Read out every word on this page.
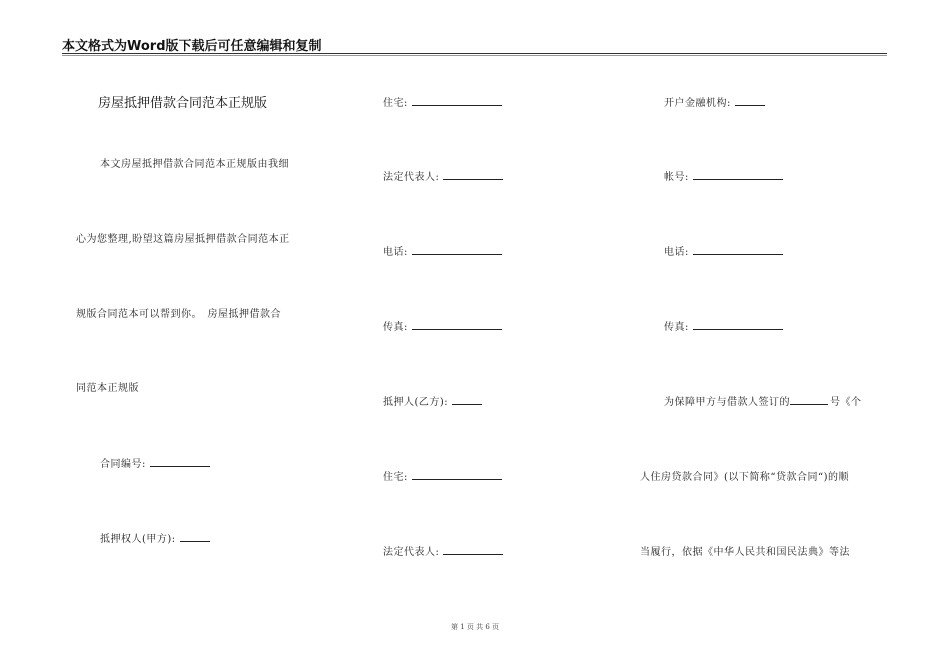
本文格式为Word版下载后可任意编辑和复制
房屋抵押借款合同范本正规版
本文房屋抵押借款合同范本正规版由我细
心为您整理,盼望这篇房屋抵押借款合同范本正
规版合同范本可以帮到你。　房屋抵押借款合
同范本正规版
合同编号:
抵押权人(甲方):
住宅:
法定代表人:
电话:
传真:
抵押人(乙方):
住宅:
法定代表人:
开户金融机构:
帐号:
电话:
传真:
为保障甲方与借款人签订的	号《个
人住房贷款合同》(以下简称“贷款合同“)的顺
当履行，依据《中华人民共和国民法典》等法
第 1 页 共 6 页
